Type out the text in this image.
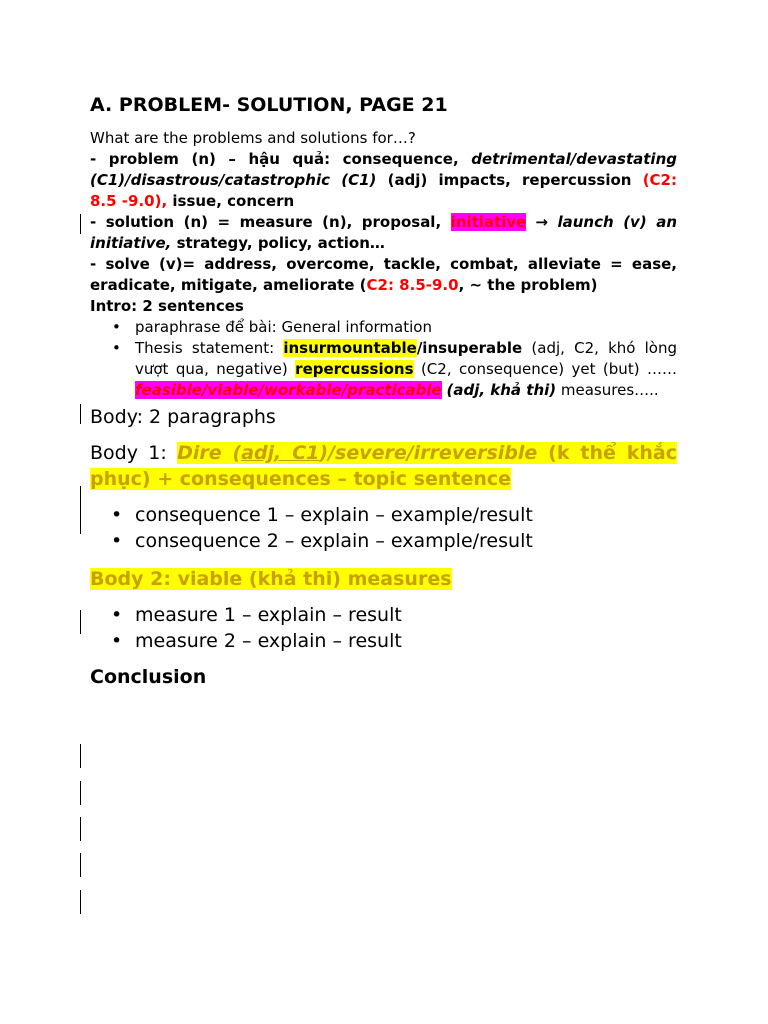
A. PROBLEM- SOLUTION, PAGE 21

What are the problems and solutions for…?

- problem (n) – hậu quả: consequence, detrimental/devastating (C1)/disastrous/catastrophic (C1) (adj) impacts, repercussion (C2: 8.5 -9.0), issue, concern

- solution (n) = measure (n), proposal, initiative → launch (v) an initiative, strategy, policy, action…

- solve (v)= address, overcome, tackle, combat, alleviate = ease, eradicate, mitigate, ameliorate (C2: 8.5-9.0, ~ the problem)

Intro: 2 sentences

• paraphrase để bài: General information
• Thesis statement: insurmountable/insuperable (adj, C2, khó lòng vượt qua, negative) repercussions (C2, consequence) yet (but) ……feasible/viable/workable/practicable (adj, khả thi) measures…..

Body: 2 paragraphs

Body 1: Dire (adj, C1)/severe/irreversible (k thể khắc phục) + consequences – topic sentence

• consequence 1 – explain – example/result
• consequence 2 – explain – example/result

Body 2: viable (khả thi) measures

• measure 1 – explain – result
• measure 2 – explain – result

Conclusion
